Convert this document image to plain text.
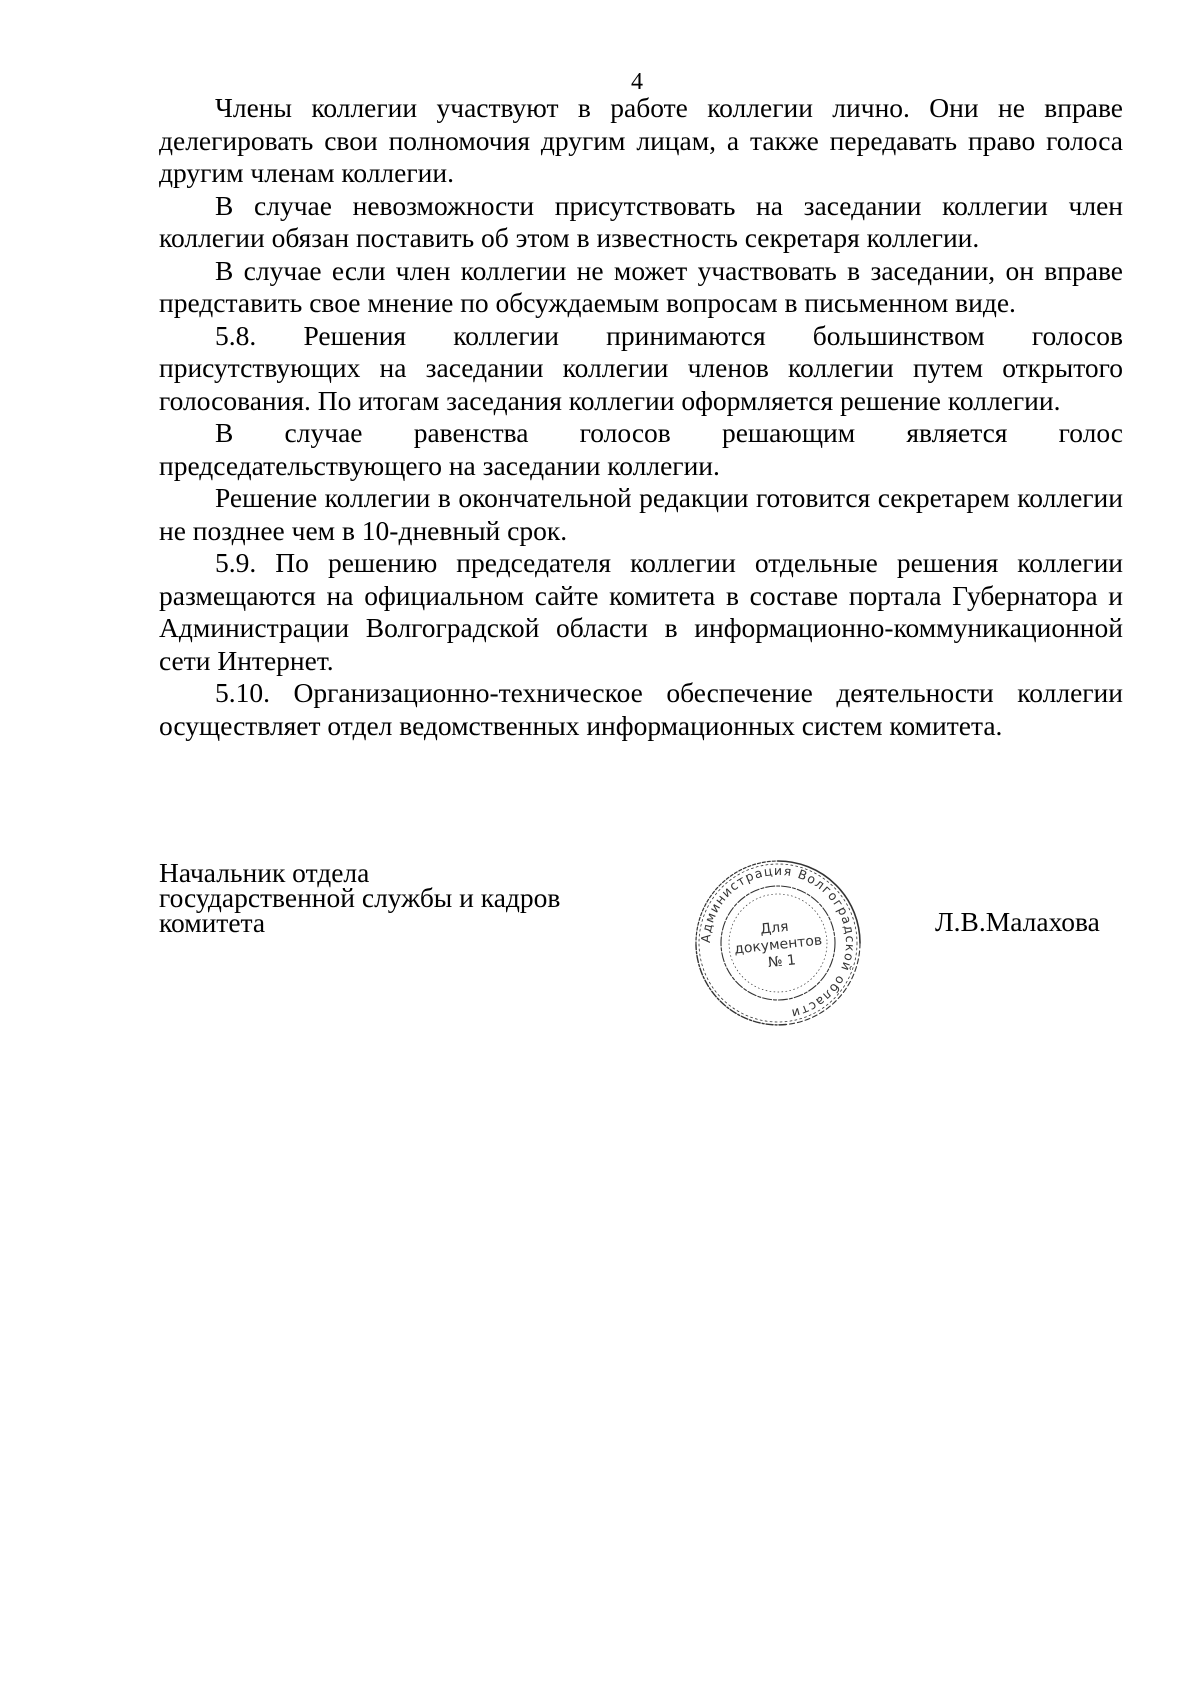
4

Члены коллегии участвуют в работе коллегии лично. Они не вправе делегировать свои полномочия другим лицам, а также передавать право голоса другим членам коллегии.

В случае невозможности присутствовать на заседании коллегии член коллегии обязан поставить об этом в известность секретаря коллегии.

В случае если член коллегии не может участвовать в заседании, он вправе представить свое мнение по обсуждаемым вопросам в письменном виде.

5.8. Решения коллегии принимаются большинством голосов присутствующих на заседании коллегии членов коллегии путем открытого голосования. По итогам заседания коллегии оформляется решение коллегии.

В случае равенства голосов решающим является голос председательствующего на заседании коллегии.

Решение коллегии в окончательной редакции готовится секретарем коллегии не позднее чем в 10-дневный срок.

5.9. По решению председателя коллегии отдельные решения коллегии размещаются на официальном сайте комитета в составе портала Губернатора и Администрации Волгоградской области в информационно-коммуникационной сети Интернет.

5.10. Организационно-техническое обеспечение деятельности коллегии осуществляет отдел ведомственных информационных систем комитета.

Начальник отдела
государственной службы и кадров
комитета	Администрация Волгоградской области
Для
документов
№ 1
Л.В.Малахова
